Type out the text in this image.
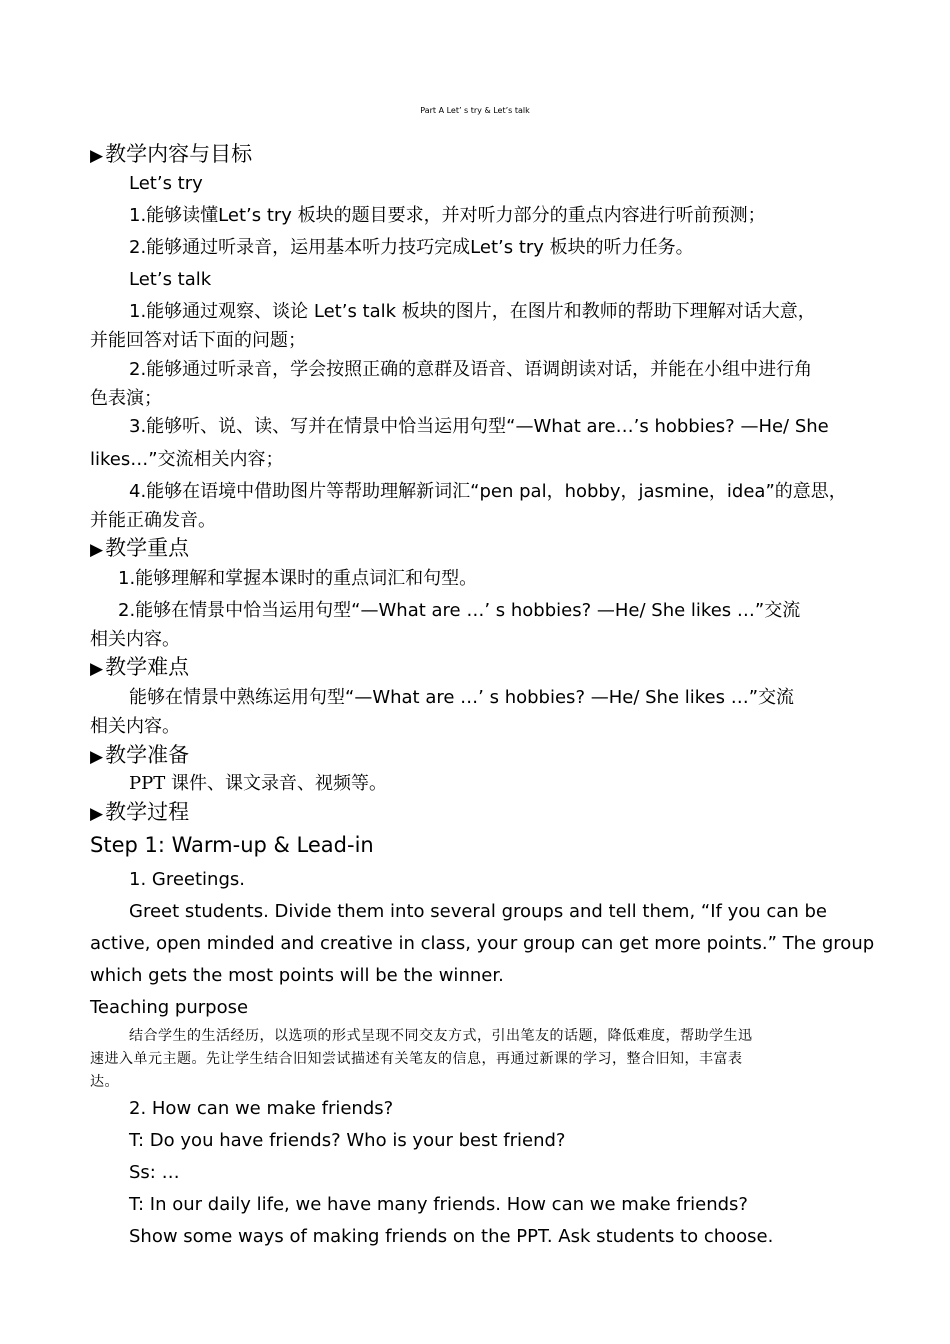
Part A Let’ s try & Let’s talk
▶教学内容与目标
Let’s try
1.能够读懂Let’s try 板块的题目要求，并对听力部分的重点内容进行听前预测；
2.能够通过听录音，运用基本听力技巧完成Let’s try 板块的听力任务。
Let’s talk
1.能够通过观察、谈论 Let’s talk 板块的图片，在图片和教师的帮助下理解对话大意，
并能回答对话下面的问题；
2.能够通过听录音，学会按照正确的意群及语音、语调朗读对话，并能在小组中进行角
色表演；
3.能够听、说、读、写并在情景中恰当运用句型“—What are…’s hobbies? —He/ She
likes…”交流相关内容；
4.能够在语境中借助图片等帮助理解新词汇“pen pal，hobby，jasmine，idea”的意思，
并能正确发音。
▶教学重点
1.能够理解和掌握本课时的重点词汇和句型。
2.能够在情景中恰当运用句型“—What are …’ s hobbies? —He/ She likes …”交流
相关内容。
▶教学难点
能够在情景中熟练运用句型“—What are …’ s hobbies? —He/ She likes …”交流
相关内容。
▶教学准备
PPT 课件、课文录音、视频等。
▶教学过程
Step 1: Warm-up & Lead-in
1. Greetings.
Greet students. Divide them into several groups and tell them, “If you can be
active, open minded and creative in class, your group can get more points.” The group
which gets the most points will be the winner.
Teaching purpose
结合学生的生活经历，以选项的形式呈现不同交友方式，引出笔友的话题，降低难度，帮助学生迅
速进入单元主题。先让学生结合旧知尝试描述有关笔友的信息，再通过新课的学习，整合旧知，丰富表
达。
2. How can we make friends?
T: Do you have friends? Who is your best friend?
Ss: …
T: In our daily life, we have many friends. How can we make friends?
Show some ways of making friends on the PPT. Ask students to choose.
